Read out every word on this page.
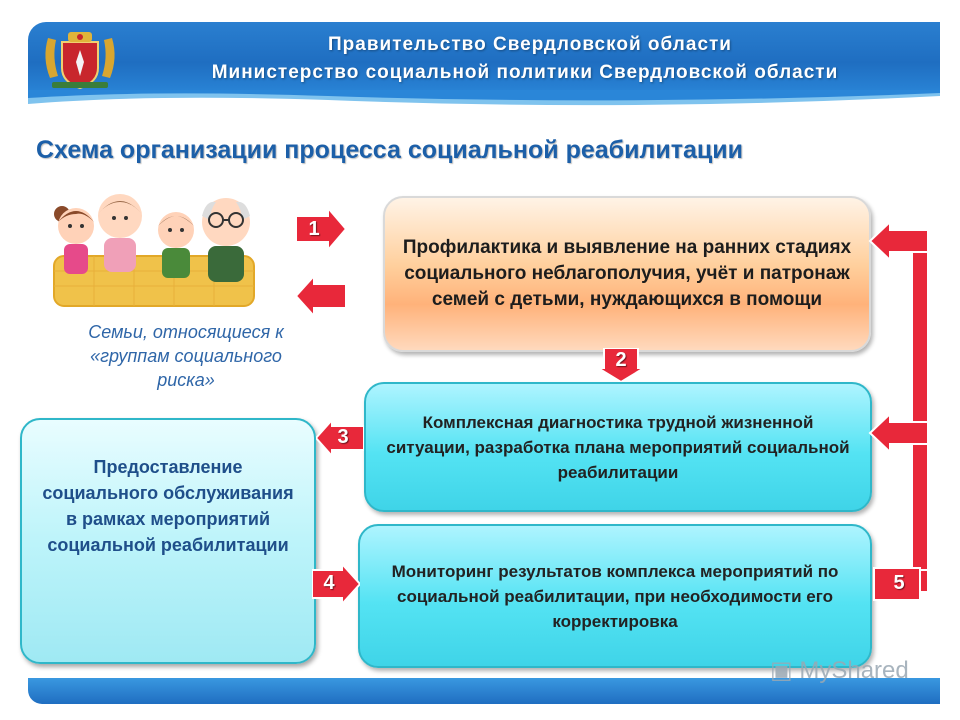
Правительство Свердловской области
Министерство социальной политики Свердловской области
Схема организации процесса социальной реабилитации
Семьи, относящиеся к
«группам социального
риска»
Профилактика и выявление на ранних стадиях социального неблагополучия, учёт и патронаж семей с детьми, нуждающихся в помощи
Комплексная диагностика трудной жизненной ситуации, разработка плана мероприятий социальной реабилитации
Мониторинг результатов комплекса мероприятий по социальной реабилитации, при необходимости его корректировка
Предоставление социального обслуживания в рамках мероприятий социальной реабилитации
1
2
3
4	5
▣ MyShared
